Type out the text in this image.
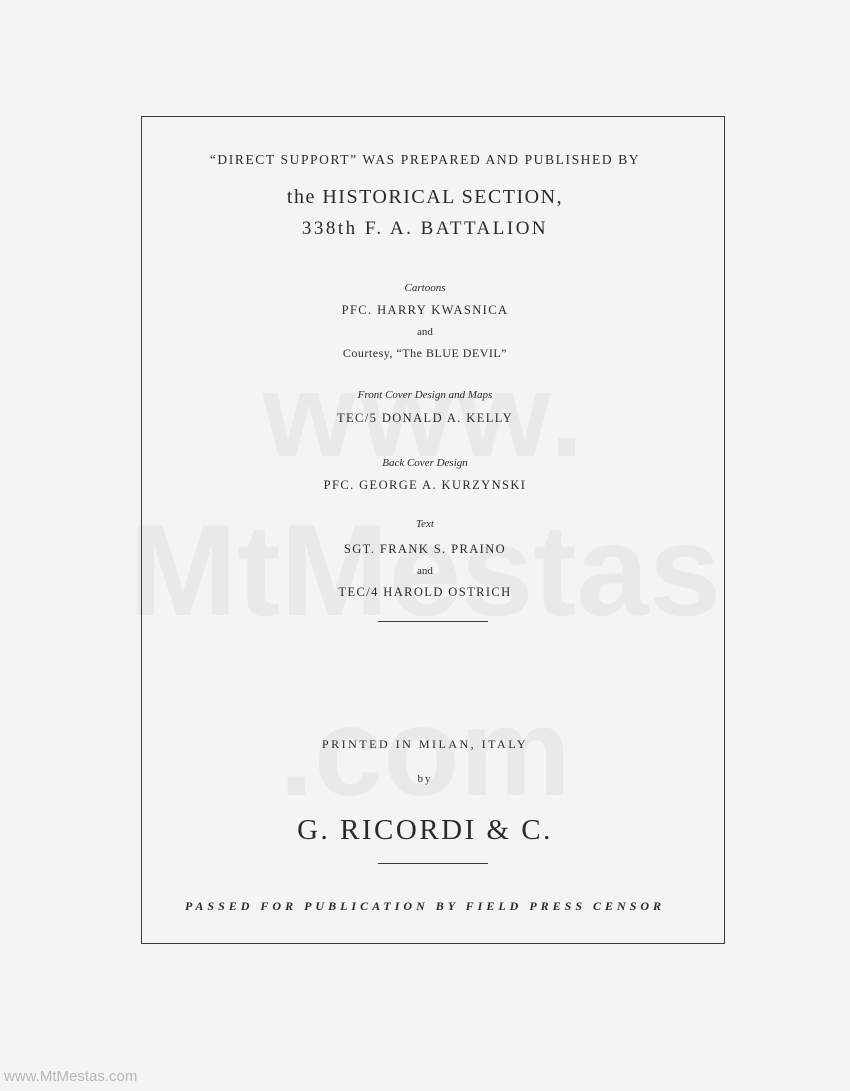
“DIRECT SUPPORT” WAS PREPARED AND PUBLISHED BY
the HISTORICAL SECTION,
338th F. A. BATTALION
Cartoons
PFC. HARRY KWASNICA
and
Courtesy, “The BLUE DEVIL”
Front Cover Design and Maps
TEC/5 DONALD A. KELLY
Back Cover Design
PFC. GEORGE A. KURZYNSKI
Text
SGT. FRANK S. PRAINO
and
TEC/4 HAROLD OSTRICH
PRINTED IN MILAN, ITALY
by
G. RICORDI & C.
PASSED FOR PUBLICATION BY FIELD PRESS CENSOR
www.MtMestas.com
